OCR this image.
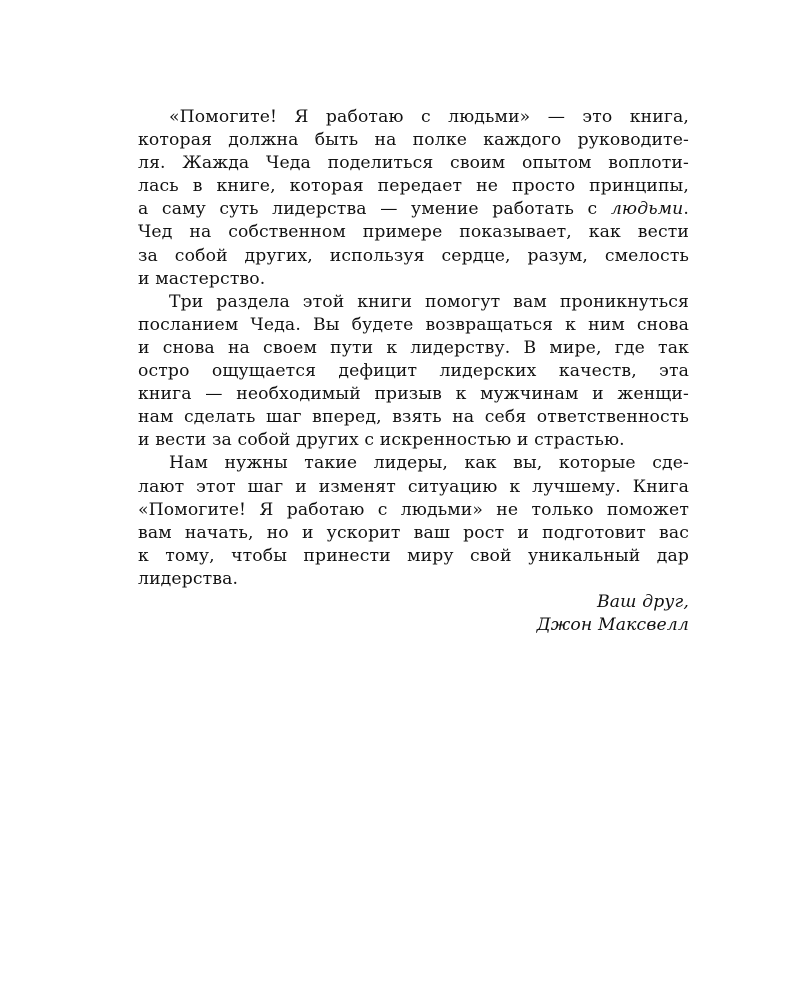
«Помогите! Я работаю с людьми» — это книга,
которая должна быть на полке каждого руководите-
ля. Жажда Чеда поделиться своим опытом воплоти-
лась в книге, которая передает не просто принципы,
а саму суть лидерства — умение работать с людьми.
Чед на собственном примере показывает, как вести
за собой других, используя сердце, разум, смелость
и мастерство.
Три раздела этой книги помогут вам проникнуться
посланием Чеда. Вы будете возвращаться к ним снова
и снова на своем пути к лидерству. В мире, где так
остро ощущается дефицит лидерских качеств, эта
книга — необходимый призыв к мужчинам и женщи-
нам сделать шаг вперед, взять на себя ответственность
и вести за собой других с искренностью и страстью.
Нам нужны такие лидеры, как вы, которые сде-
лают этот шаг и изменят ситуацию к лучшему. Книга
«Помогите! Я работаю с людьми» не только поможет
вам начать, но и ускорит ваш рост и подготовит вас
к тому, чтобы принести миру свой уникальный дар
лидерства.
Ваш друг,
Джон Максвелл
